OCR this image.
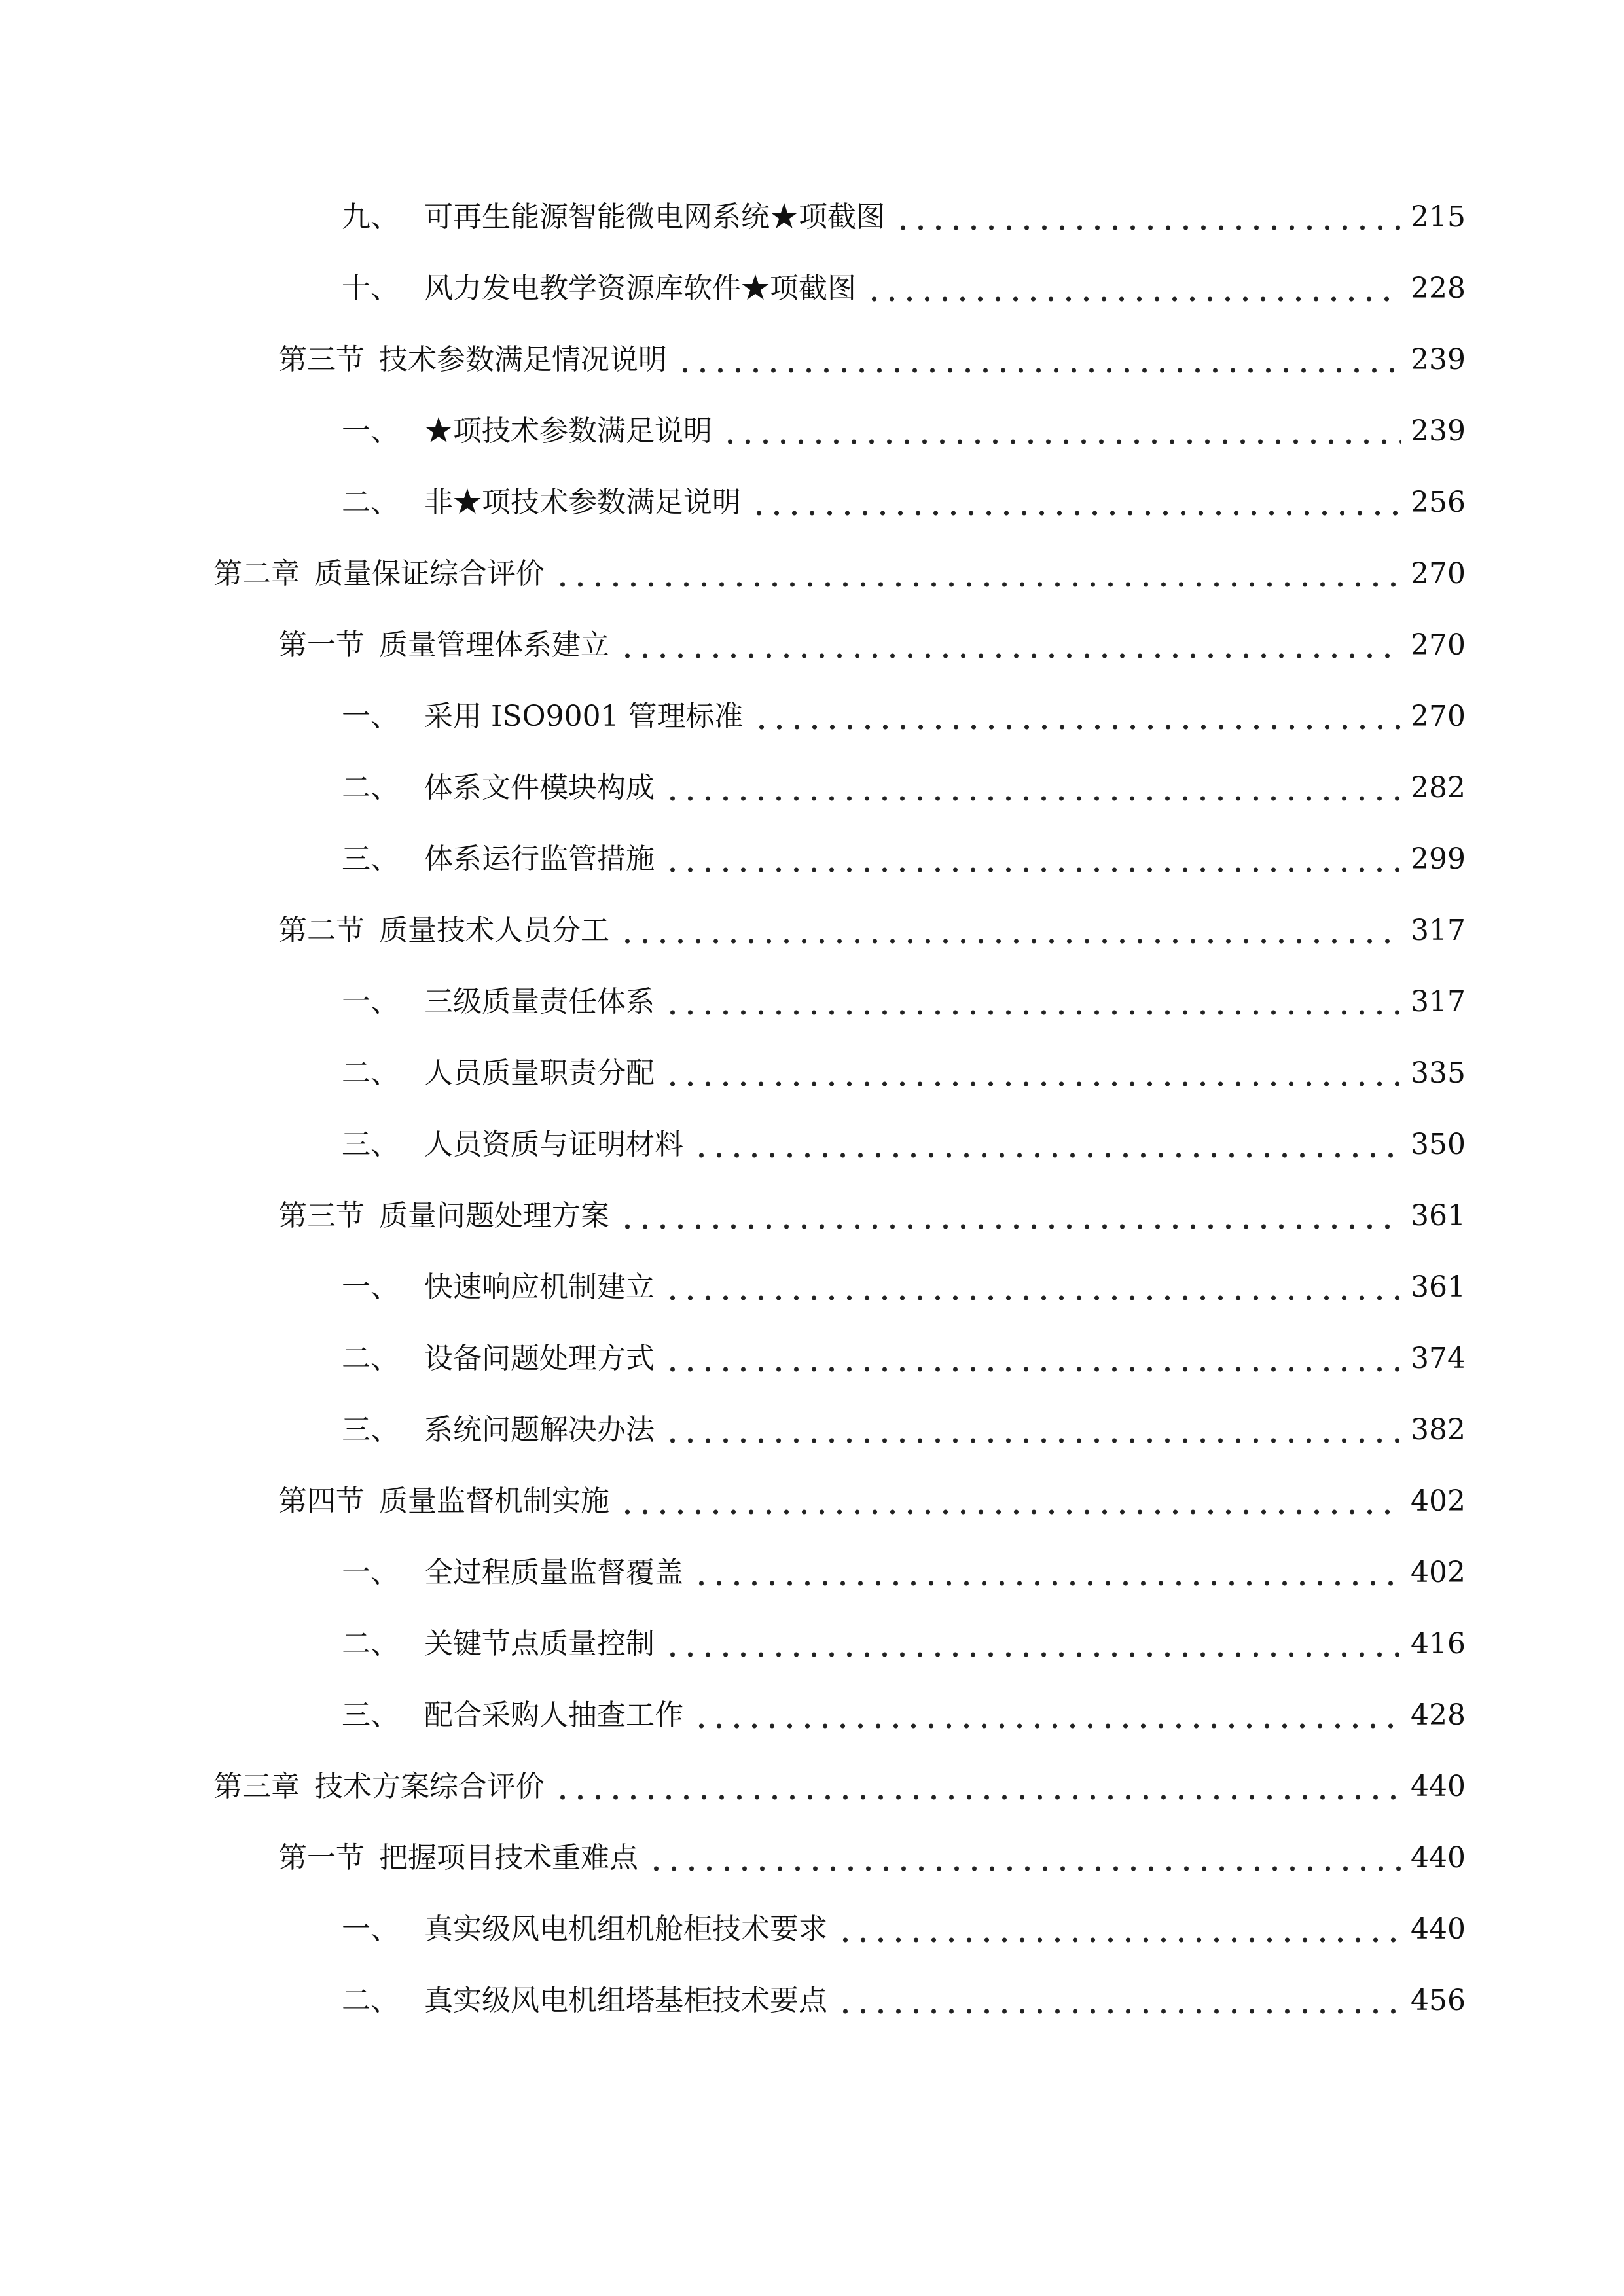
九、 可再生能源智能微电网系统★项截图	215
十、 风力发电教学资源库软件★项截图	228
第三节 技术参数满足情况说明	239
一、 ★项技术参数满足说明	239
二、 非★项技术参数满足说明	256
第二章 质量保证综合评价	270
第一节 质量管理体系建立	270
一、 采用 ISO9001 管理标准	270
二、 体系文件模块构成	282
三、 体系运行监管措施	299
第二节 质量技术人员分工	317
一、 三级质量责任体系	317
二、 人员质量职责分配	335
三、 人员资质与证明材料	350
第三节 质量问题处理方案	361
一、 快速响应机制建立	361
二、 设备问题处理方式	374
三、 系统问题解决办法	382
第四节 质量监督机制实施	402
一、 全过程质量监督覆盖	402
二、 关键节点质量控制	416
三、 配合采购人抽查工作	428
第三章 技术方案综合评价	440
第一节 把握项目技术重难点	440
一、 真实级风电机组机舱柜技术要求	440
二、 真实级风电机组塔基柜技术要点	456
